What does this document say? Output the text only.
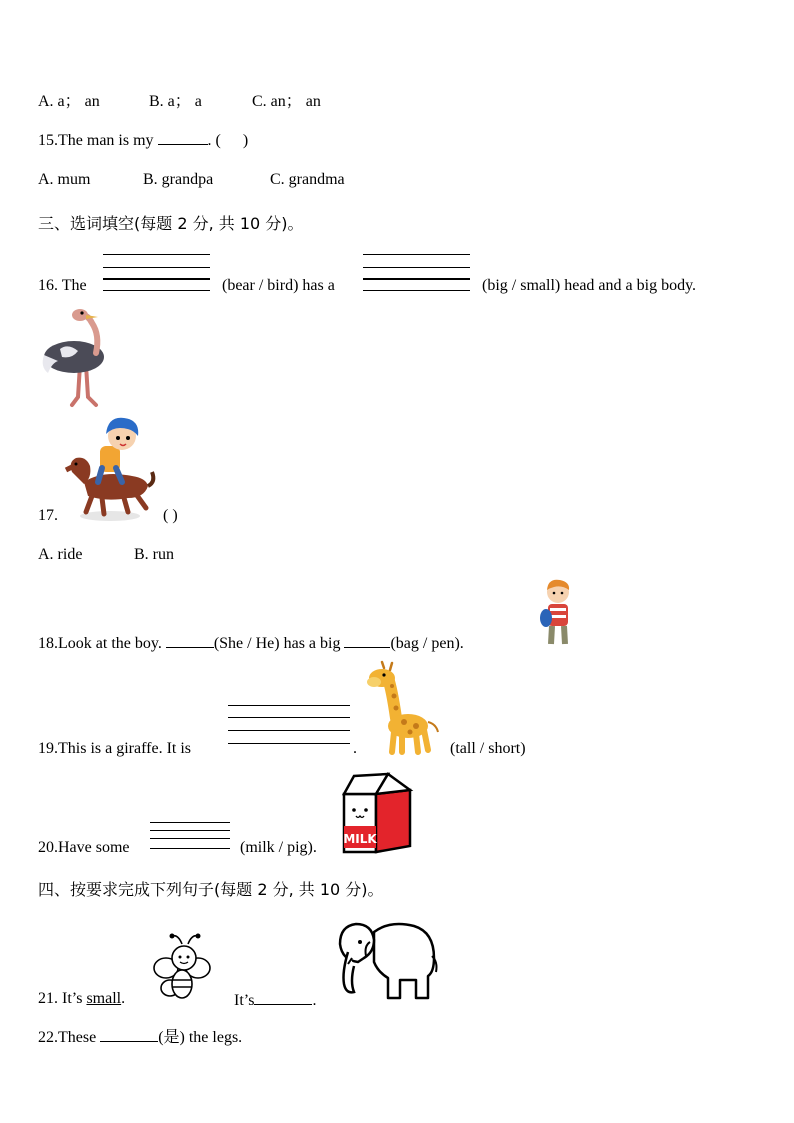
A. a； an	B. a； a	C. an； an
15.The man is my	. ( )
A. mum	B. grandpa	C. grandma
三、选词填空(每题 2 分, 共 10 分)。
16. The	(bear / bird) has a	(big / small) head and a big body.
17.	( )
A. ride	B. run
18.Look at the boy.	(She / He) has a big	(bag / pen).
19.This is a giraffe. It is	.	(tall / short)
MILK
20.Have some	(milk / pig).
四、按要求完成下列句子(每题 2 分, 共 10 分)。
21. It’s small.	It’s	.
22.These	(是) the legs.
